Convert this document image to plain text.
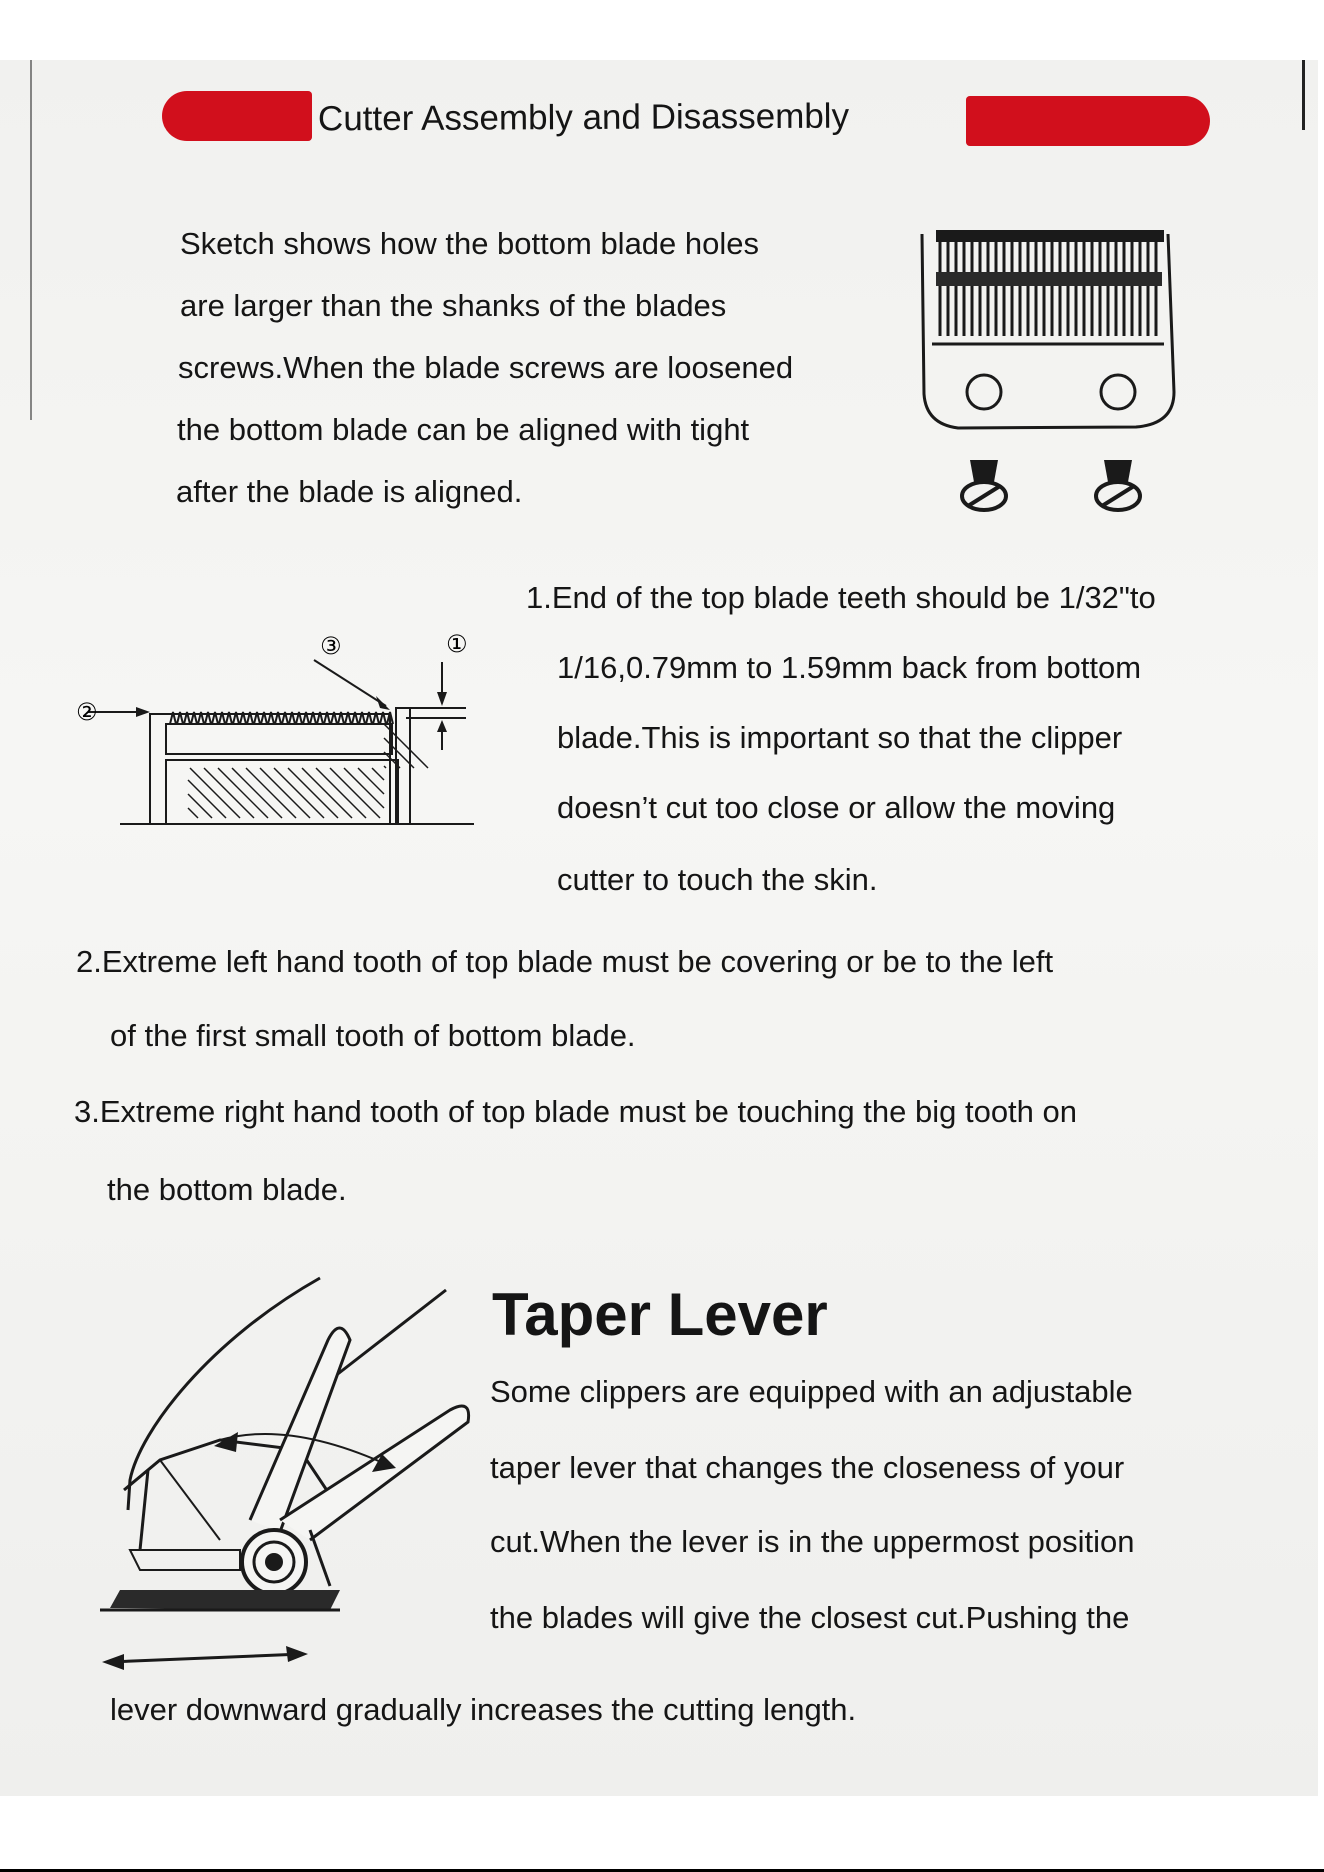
Cutter Assembly and Disassembly
Sketch shows how the bottom blade holes
are larger than the shanks of the blades
screws.When the blade screws are loosened
the bottom blade can be aligned with tight
after the blade is aligned.
②
③	①
1.End of the top blade teeth should be 1/32"to
1/16,0.79mm to 1.59mm back from bottom
blade.This is important so that the clipper
doesn’t cut too close or allow the moving
cutter to touch the skin.
2.Extreme left hand tooth of top blade must be covering or be to the left
of the first small tooth of bottom blade.
3.Extreme right hand tooth of top blade must be touching the big tooth on
the bottom blade.
Taper Lever
Some clippers are equipped with an adjustable
taper lever that changes the closeness of your
cut.When the lever is in the uppermost position
the blades will give the closest cut.Pushing the
lever downward gradually increases the cutting length.
